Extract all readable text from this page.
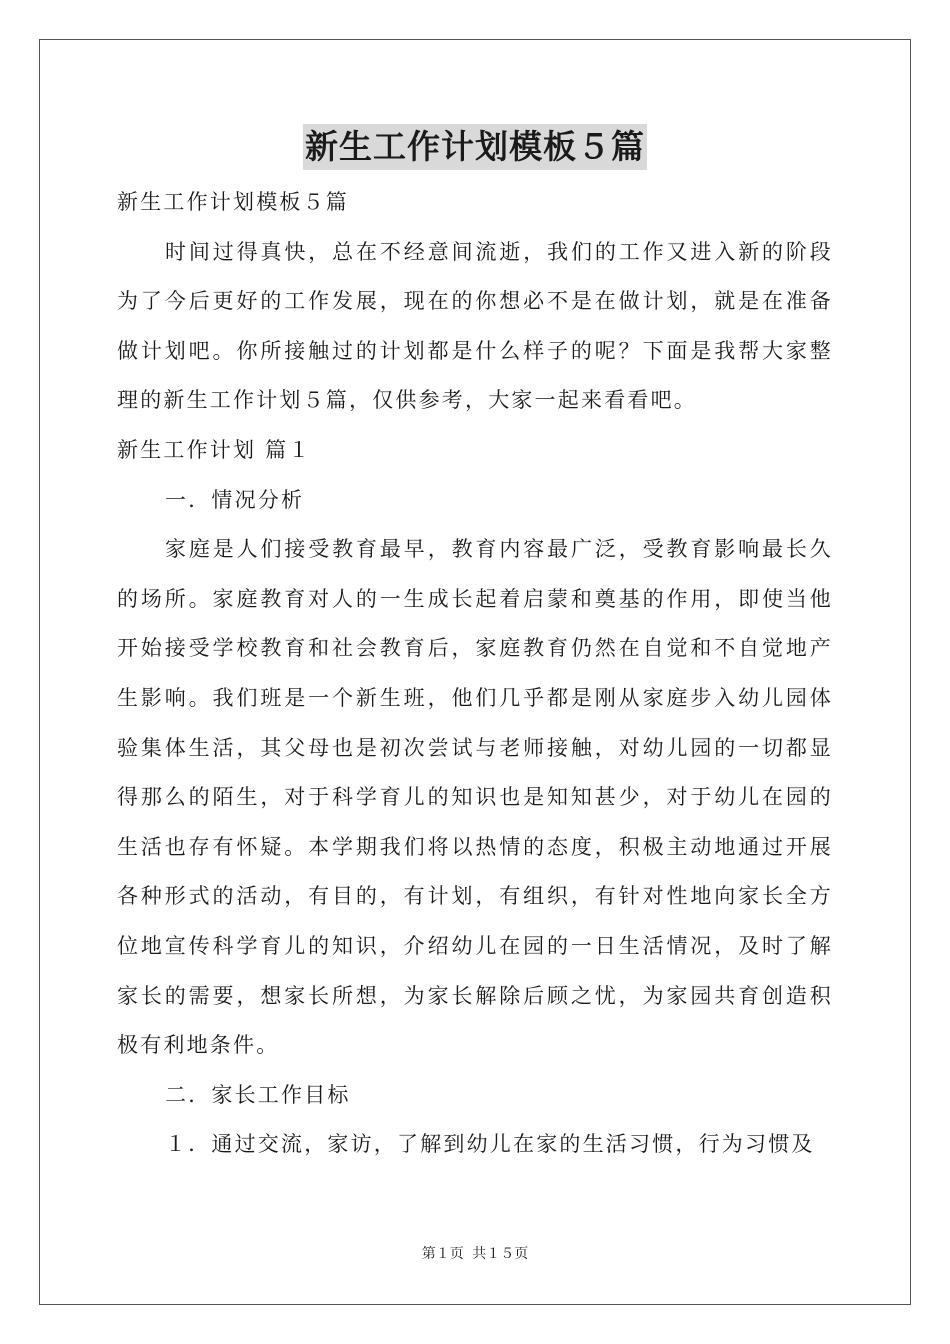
新生工作计划模板５篇

新生工作计划模板５篇

时间过得真快，总在不经意间流逝，我们的工作又进入新的阶段为了今后更好的工作发展，现在的你想必不是在做计划，就是在准备做计划吧。你所接触过的计划都是什么样子的呢？下面是我帮大家整理的新生工作计划５篇，仅供参考，大家一起来看看吧。

新生工作计划 篇１

一．情况分析

家庭是人们接受教育最早，教育内容最广泛，受教育影响最长久的场所。家庭教育对人的一生成长起着启蒙和奠基的作用，即使当他开始接受学校教育和社会教育后，家庭教育仍然在自觉和不自觉地产生影响。我们班是一个新生班，他们几乎都是刚从家庭步入幼儿园体验集体生活，其父母也是初次尝试与老师接触，对幼儿园的一切都显得那么的陌生，对于科学育儿的知识也是知知甚少，对于幼儿在园的生活也存有怀疑。本学期我们将以热情的态度，积极主动地通过开展各种形式的活动，有目的，有计划，有组织，有针对性地向家长全方位地宣传科学育儿的知识，介绍幼儿在园的一日生活情况，及时了解家长的需要，想家长所想，为家长解除后顾之忧，为家园共育创造积极有利地条件。

二．家长工作目标

１．通过交流，家访，了解到幼儿在家的生活习惯，行为习惯及

第１页 共１５页
